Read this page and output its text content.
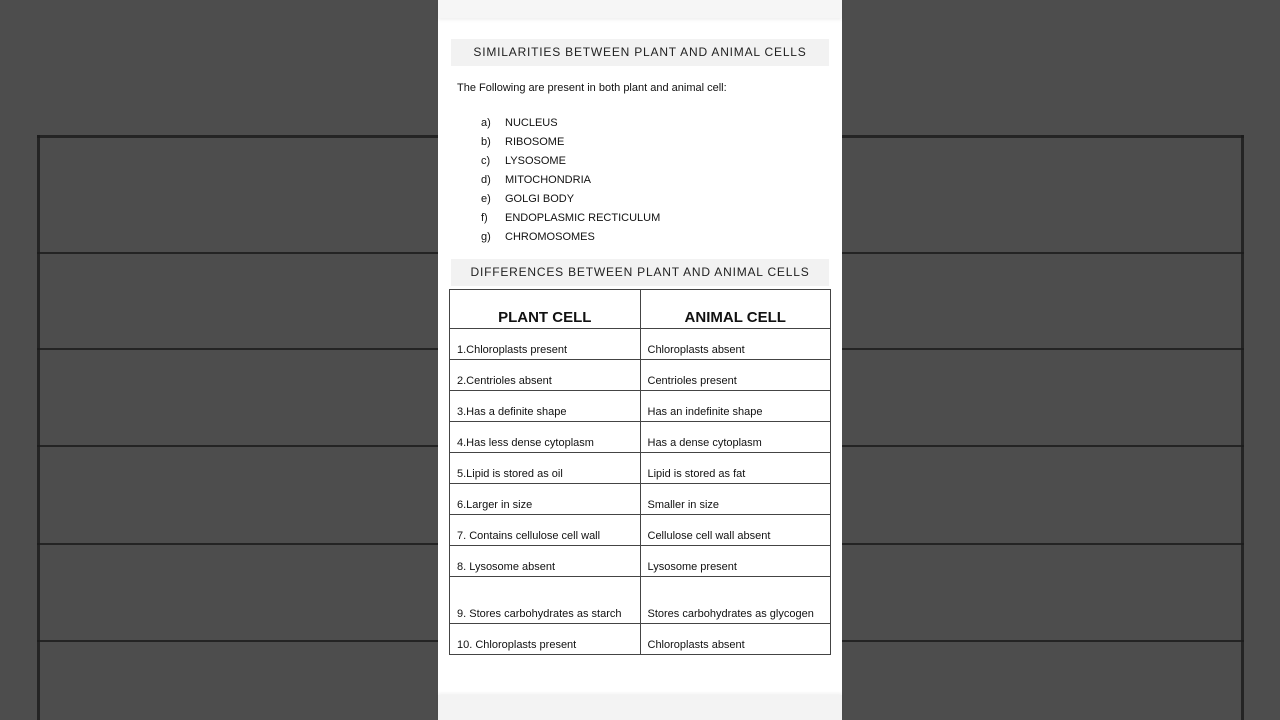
SIMILARITIES BETWEEN PLANT AND ANIMAL CELLS
The Following are present in both plant and animal cell:
a)	NUCLEUS
b)	RIBOSOME
c)	LYSOSOME
d)	MITOCHONDRIA
e)	GOLGI BODY
f)	ENDOPLASMIC RECTICULUM
g)	CHROMOSOMES
DIFFERENCES BETWEEN PLANT AND ANIMAL CELLS
PLANT CELL	ANIMAL CELL
1.Chloroplasts present	Chloroplasts absent
2.Centrioles absent	Centrioles present
3.Has a definite shape	Has an indefinite shape
4.Has less dense cytoplasm	Has a dense cytoplasm
5.Lipid is stored as oil	Lipid is stored as fat
6.Larger in size	Smaller in size
7. Contains cellulose cell wall	Cellulose cell wall absent
8. Lysosome absent	Lysosome present
9. Stores carbohydrates as starch	Stores carbohydrates as glycogen
10. Chloroplasts present	Chloroplasts absent
